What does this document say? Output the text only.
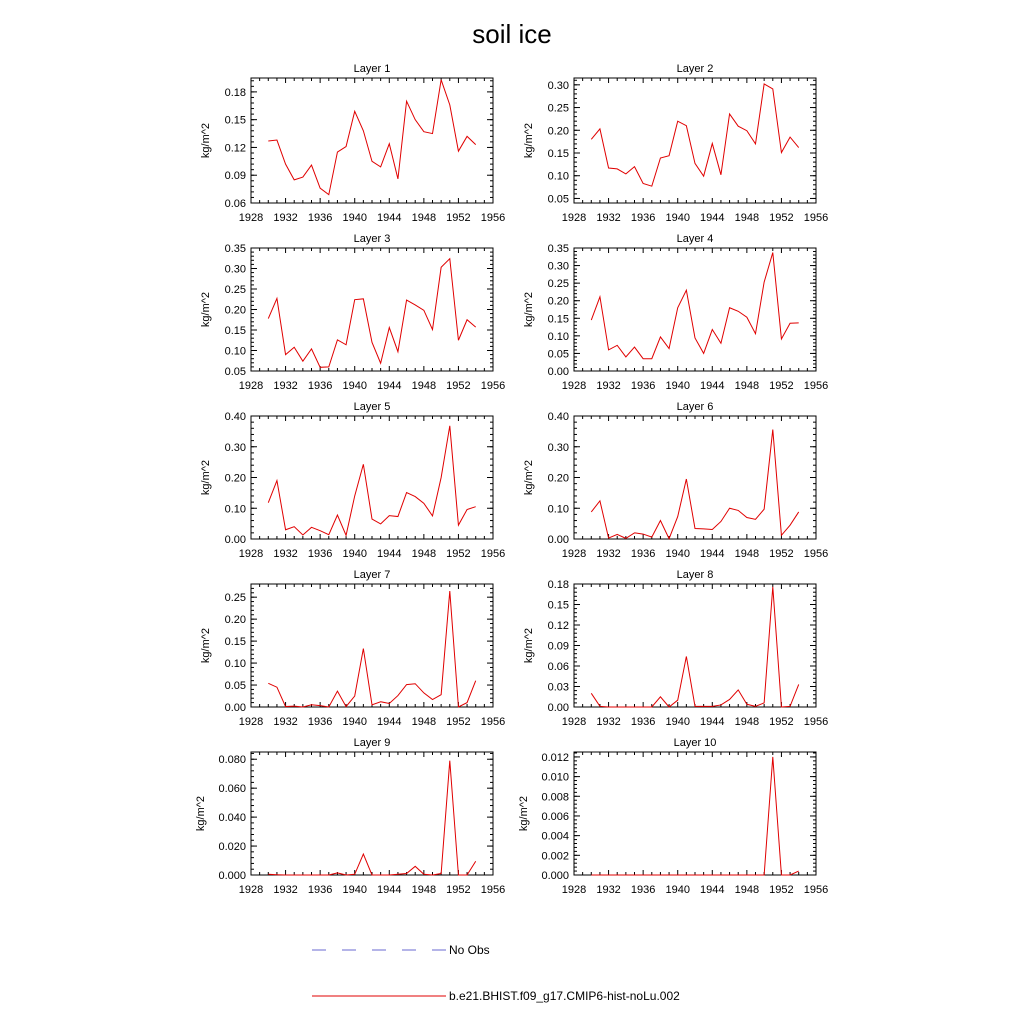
soil ice
Layer 1
1928 1932 1936 1940 1944 1948 1952 1956
0.06
0.09
0.12
0.15
0.18
kg/m^2
Layer 2
1928 1932 1936 1940 1944 1948 1952 1956
0.05
0.10
0.15
0.20
0.25
0.30
kg/m^2
Layer 3
1928 1932 1936 1940 1944 1948 1952 1956
0.05
0.10
0.15
0.20
0.25
0.30
0.35
kg/m^2
Layer 4
1928 1932 1936 1940 1944 1948 1952 1956
0.00
0.05
0.10
0.15
0.20
0.25
0.30
0.35
kg/m^2
Layer 5
1928 1932 1936 1940 1944 1948 1952 1956
0.00
0.10
0.20
0.30
0.40
kg/m^2
Layer 6
1928 1932 1936 1940 1944 1948 1952 1956
0.00
0.10
0.20
0.30
0.40
kg/m^2
Layer 7
1928 1932 1936 1940 1944 1948 1952 1956
0.00
0.05
0.10
0.15
0.20
0.25
kg/m^2
Layer 8
1928 1932 1936 1940 1944 1948 1952 1956
0.00
0.03
0.06
0.09
0.12
0.15
0.18
kg/m^2
Layer 9
1928 1932 1936 1940 1944 1948 1952 1956
0.000
0.020
0.040
0.060
0.080
kg/m^2
Layer 10
1928 1932 1936 1940 1944 1948 1952 1956
0.000
0.002
0.004
0.006
0.008
0.010
0.012
kg/m^2
No Obs
b.e21.BHIST.f09_g17.CMIP6-hist-noLu.002
